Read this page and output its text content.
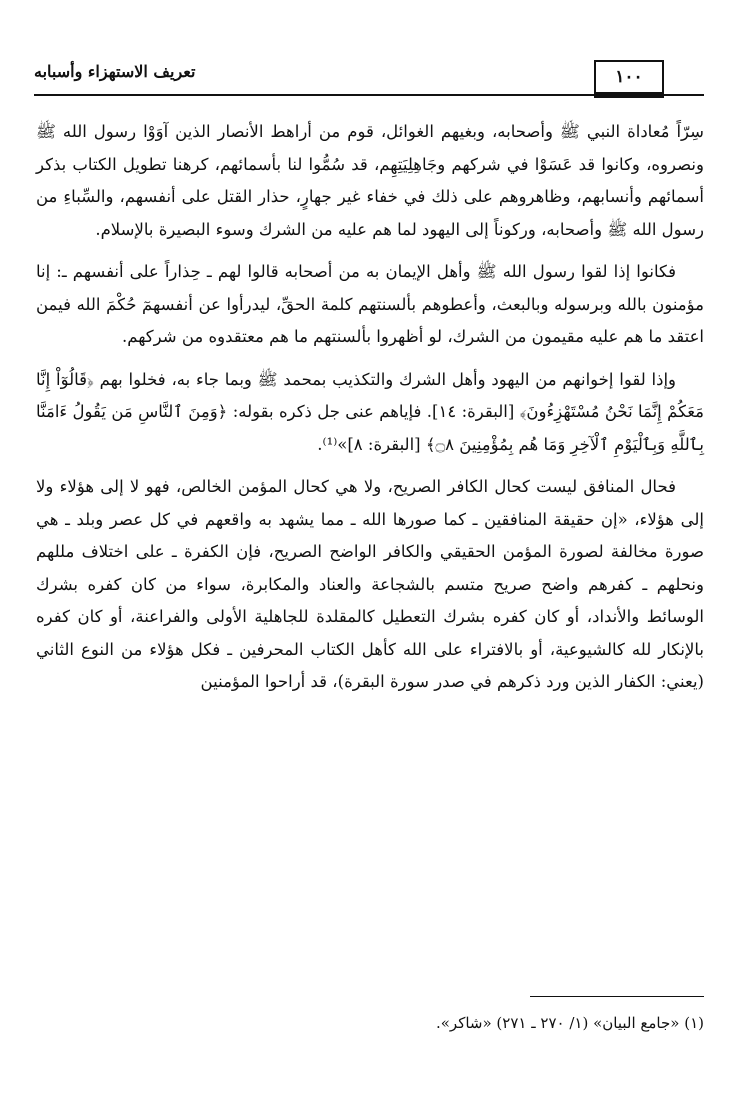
تعريف الاستهزاء وأسبابه	١٠٠

سِرّاً مُعاداة النبي ﷺ وأصحابه، وبغيهم الغوائل، قوم من أراهط الأنصار الذين آوَوْا رسول الله ﷺ ونصروه، وكانوا قد عَسَوْا في شركهم وجَاهِلِيَتِهِم، قد سُمُّوا لنا بأسمائهم، كرهنا تطويل الكتاب بذكر أسمائهم وأنسابهم، وظاهروهم على ذلك في خفاء غير جهارٍ، حذار القتل على أنفسهم، والسِّباءِ من رسول الله ﷺ وأصحابه، وركوناً إلى اليهود لما هم عليه من الشرك وسوء البصيرة بالإسلام.

فكانوا إذا لقوا رسول الله ﷺ وأهل الإيمان به من أصحابه قالوا لهم ـ حِذاراً على أنفسهم ـ: إنا مؤمنون بالله وبرسوله وبالبعث، وأعطوهم بألسنتهم كلمة الحقِّ، ليدرأوا عن أنفسهمٓ حُكْمَ الله فيمن اعتقد ما هم عليه مقيمون من الشرك، لو أظهروا بألسنتهم ما هم معتقدوه من شركهم.

وإذا لقوا إخوانهم من اليهود وأهل الشرك والتكذيب بمحمد ﷺ وبما جاء به، فخلوا بهم ﴿قَالُوٓاْ إِنَّا مَعَكُمْ إِنَّمَا نَحْنُ مُسْتَهْزِءُونَ﴾ [البقرة: ١٤]. فإياهم عنى جل ذكره بقوله: ﴿وَمِنَ ٱلنَّاسِ مَن يَقُولُ ءَامَنَّا بِٱللَّهِ وَبِٱلْيَوْمِ ٱلْآخِرِ وَمَا هُم بِمُؤْمِنِينَ ۝٨﴾ [البقرة: ٨]»⁽¹⁾.

فحال المنافق ليست كحال الكافر الصريح، ولا هي كحال المؤمن الخالص، فهو لا إلى هؤلاء ولا إلى هؤلاء، «إن حقيقة المنافقين ـ كما صورها الله ـ مما يشهد به واقعهم في كل عصر وبلد ـ هي صورة مخالفة لصورة المؤمن الحقيقي والكافر الواضح الصريح، فإن الكفرة ـ على اختلاف مللهم ونحلهم ـ كفرهم واضح صريح متسم بالشجاعة والعناد والمكابرة، سواء من كان كفره بشرك الوسائط والأنداد، أو كان كفره بشرك التعطيل كالمقلدة للجاهلية الأولى والفراعنة، أو كان كفره بالإنكار لله كالشيوعية، أو بالافتراء على الله كأهل الكتاب المحرفين ـ فكل هؤلاء من النوع الثاني (يعني: الكفار الذين ورد ذكرهم في صدر سورة البقرة)، قد أراحوا المؤمنين

(١) «جامع البيان» (١/ ٢٧٠ ـ ٢٧١) «شاكر».
